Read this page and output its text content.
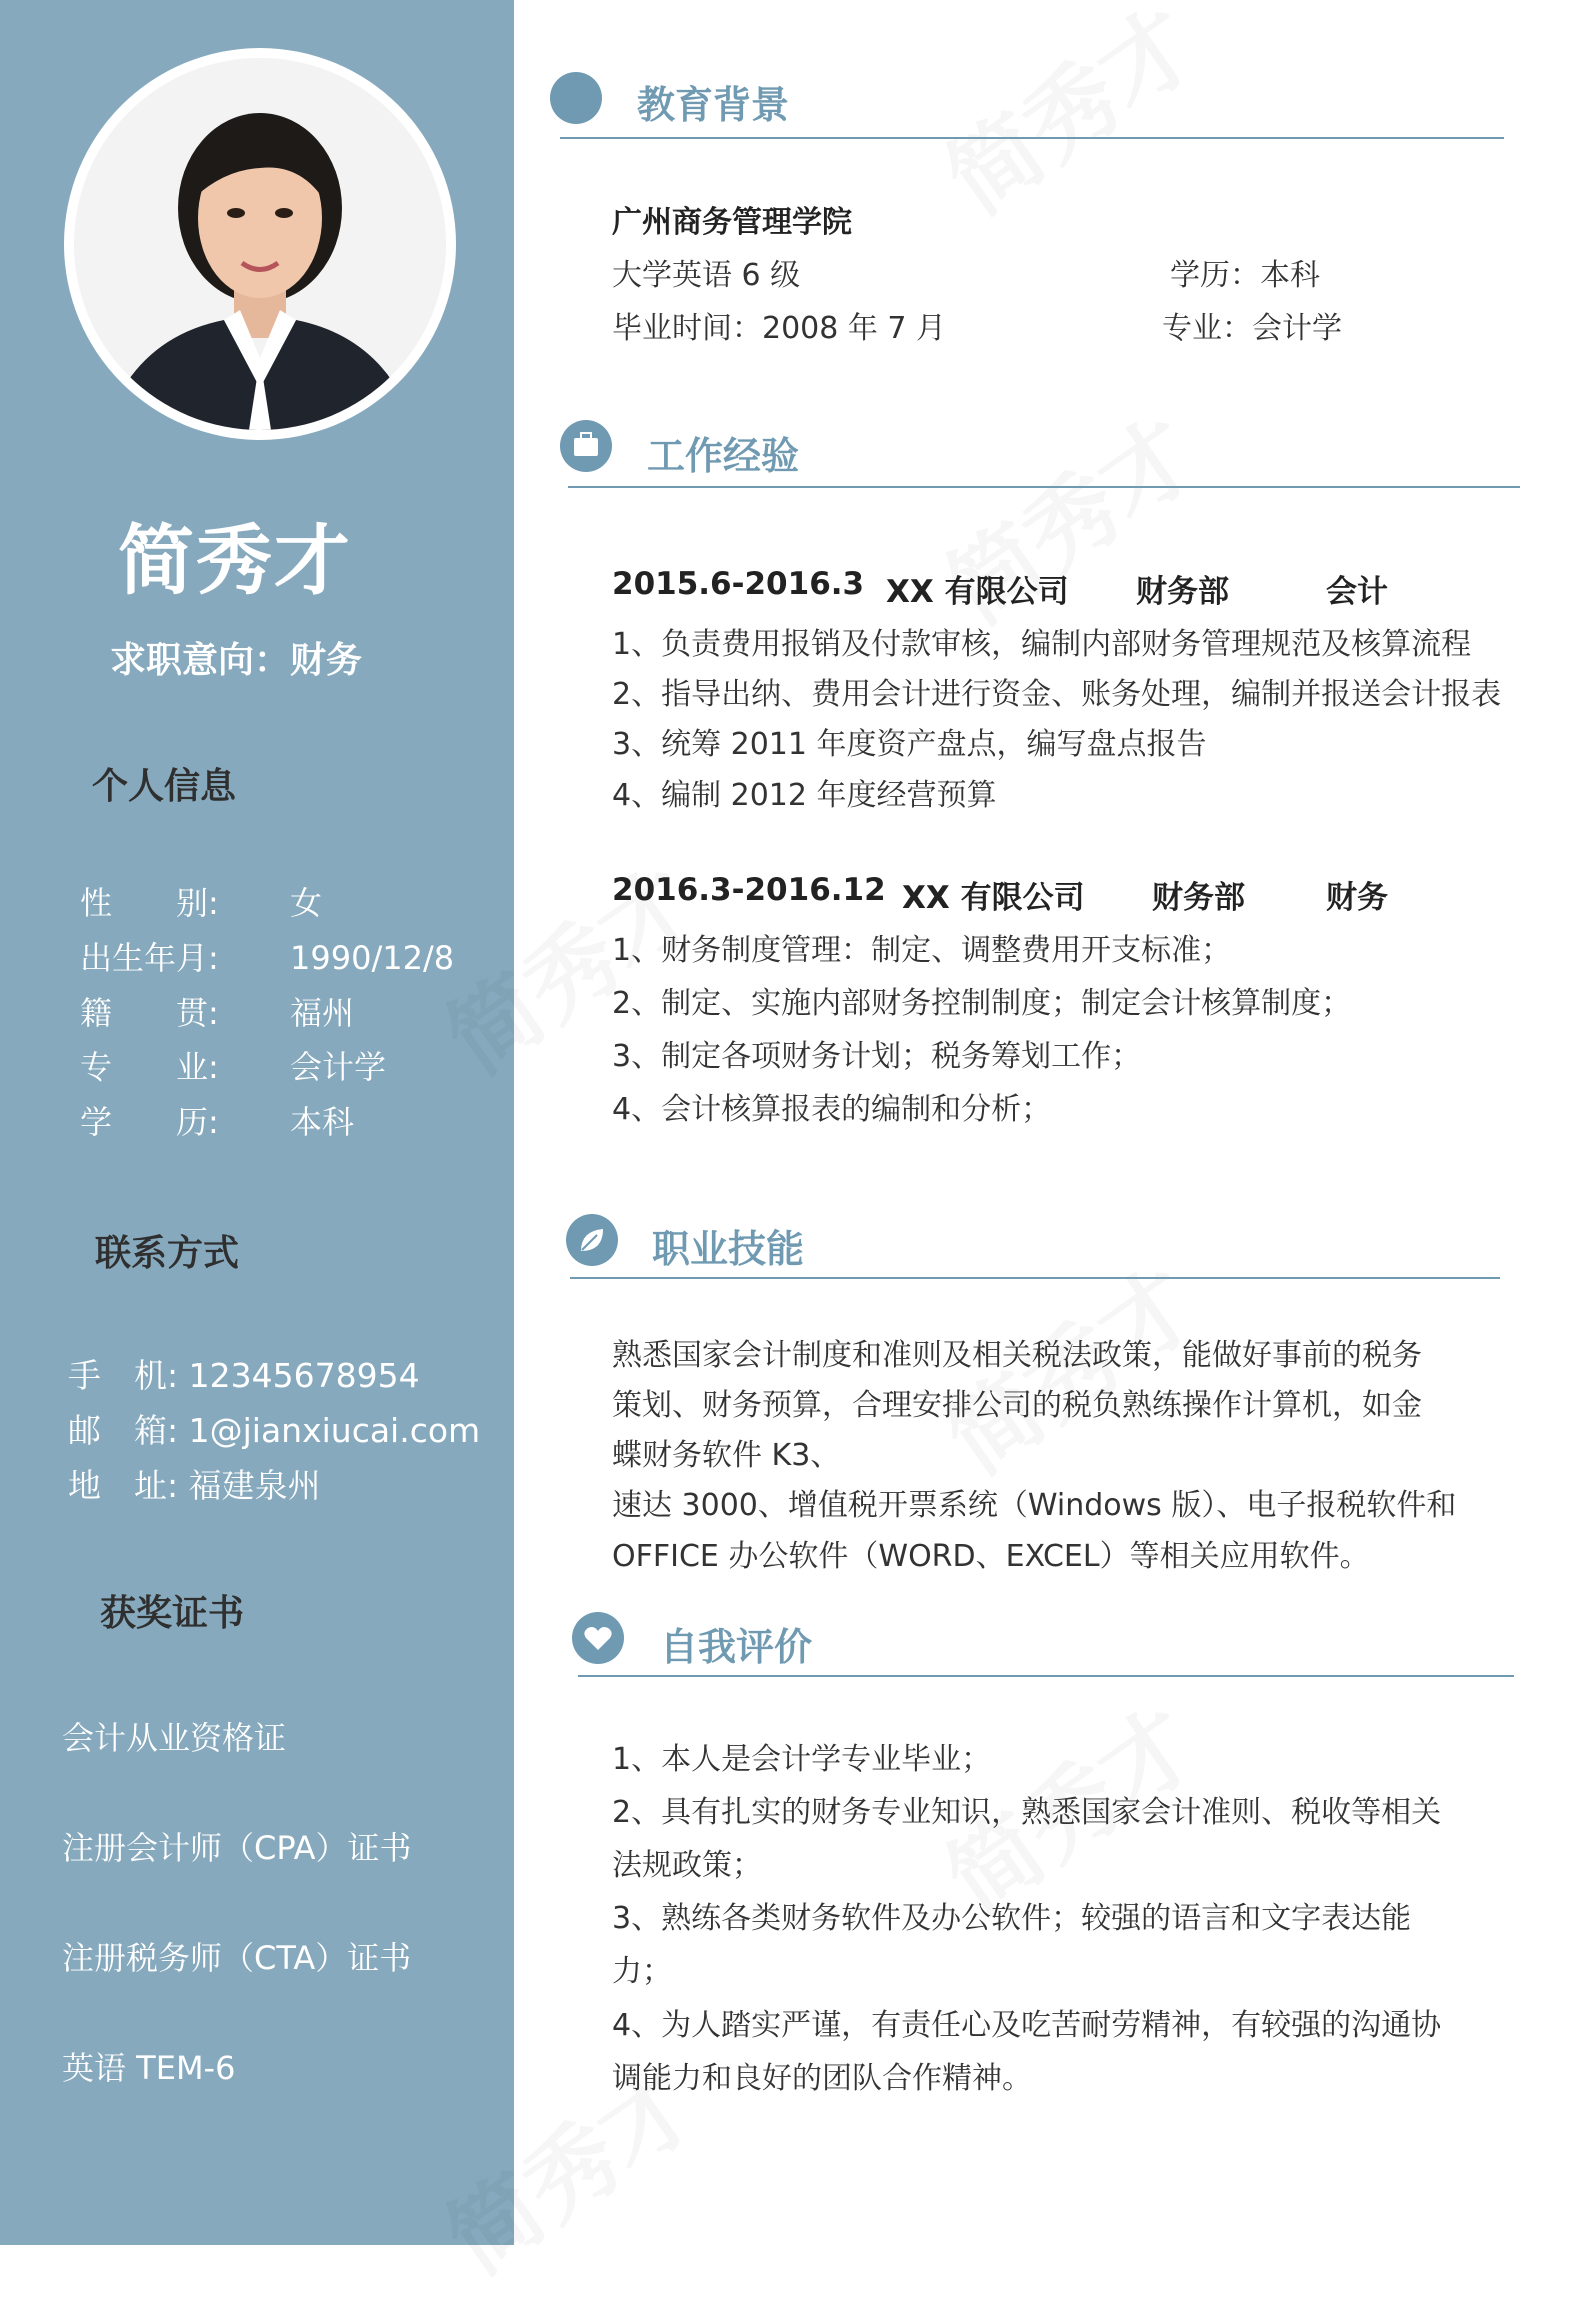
简秀才
求职意向：财务
个人信息
性　　别: 女
出生年月: 1990/12/8
籍　　贯: 福州
专　　业: 会计学
学　　历: 本科
联系方式
手　机: 12345678954
邮　箱: 1@jianxiucai.com
地　址: 福建泉州
获奖证书
会计从业资格证
注册会计师（CPA）证书
注册税务师（CTA）证书
英语 TEM-6
教育背景
广州商务管理学院
大学英语 6 级	学历：本科
毕业时间：2008 年 7 月	专业：会计学
工作经验
2015.6-2016.3 XX 有限公司 财务部	会计
1、负责费用报销及付款审核，编制内部财务管理规范及核算流程
2、指导出纳、费用会计进行资金、账务处理，编制并报送会计报表
3、统筹 2011 年度资产盘点，编写盘点报告
4、编制 2012 年度经营预算
2016.3-2016.12 XX 有限公司 财务部	财务
1、财务制度管理：制定、调整费用开支标准；
2、制定、实施内部财务控制制度；制定会计核算制度；
3、制定各项财务计划；税务筹划工作；
4、会计核算报表的编制和分析；
职业技能
熟悉国家会计制度和准则及相关税法政策，能做好事前的税务
策划、财务预算，合理安排公司的税负熟练操作计算机，如金
蝶财务软件 K3、
速达 3000、增值税开票系统（Windows 版）、电子报税软件和
OFFICE 办公软件（WORD、EXCEL）等相关应用软件。
自我评价
1、本人是会计学专业毕业；
2、具有扎实的财务专业知识，熟悉国家会计准则、税收等相关
法规政策；
3、熟练各类财务软件及办公软件；较强的语言和文字表达能
力；
4、为人踏实严谨，有责任心及吃苦耐劳精神，有较强的沟通协
调能力和良好的团队合作精神。
